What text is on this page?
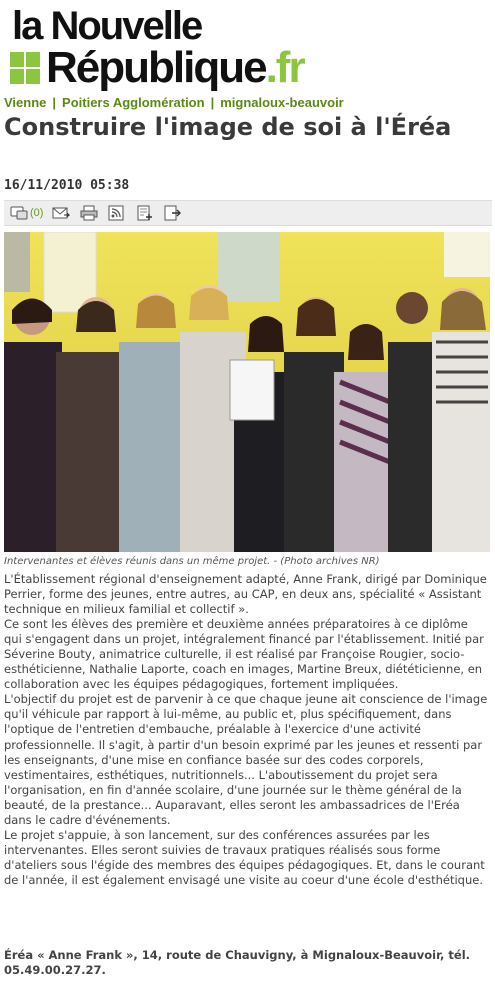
la Nouvelle
République.fr
Vienne | Poitiers Agglomération | mignaloux-beauvoir
Construire l'image de soi à l'Éréa
16/11/2010 05:38
(0)
Intervenantes et élèves réunis dans un même projet. - (Photo archives NR)

L'Établissement régional d'enseignement adapté, Anne Frank, dirigé par Dominique Perrier, forme des jeunes, entre autres, au CAP, en deux ans, spécialité « Assistant technique en milieux familial et collectif ».

Ce sont les élèves des première et deuxième années préparatoires à ce diplôme qui s'engagent dans un projet, intégralement financé par l'établissement. Initié par Séverine Bouty, animatrice culturelle, il est réalisé par Françoise Rougier, socio-esthéticienne, Nathalie Laporte, coach en images, Martine Breux, diététicienne, en collaboration avec les équipes pédagogiques, fortement impliquées.

L'objectif du projet est de parvenir à ce que chaque jeune ait conscience de l'image qu'il véhicule par rapport à lui-même, au public et, plus spécifiquement, dans l'optique de l'entretien d'embauche, préalable à l'exercice d'une activité professionnelle. Il s'agit, à partir d'un besoin exprimé par les jeunes et ressenti par les enseignants, d'une mise en confiance basée sur des codes corporels, vestimentaires, esthétiques, nutritionnels... L'aboutissement du projet sera l'organisation, en fin d'année scolaire, d'une journée sur le thème général de la beauté, de la prestance... Auparavant, elles seront les ambassadrices de l'Eréa dans le cadre d'événements.

Le projet s'appuie, à son lancement, sur des conférences assurées par les intervenantes. Elles seront suivies de travaux pratiques réalisés sous forme d'ateliers sous l'égide des membres des équipes pédagogiques. Et, dans le courant de l'année, il est également envisagé une visite au coeur d'une école d'esthétique.

Éréa « Anne Frank », 14, route de Chauvigny, à Mignaloux-Beauvoir, tél. 05.49.00.27.27.
